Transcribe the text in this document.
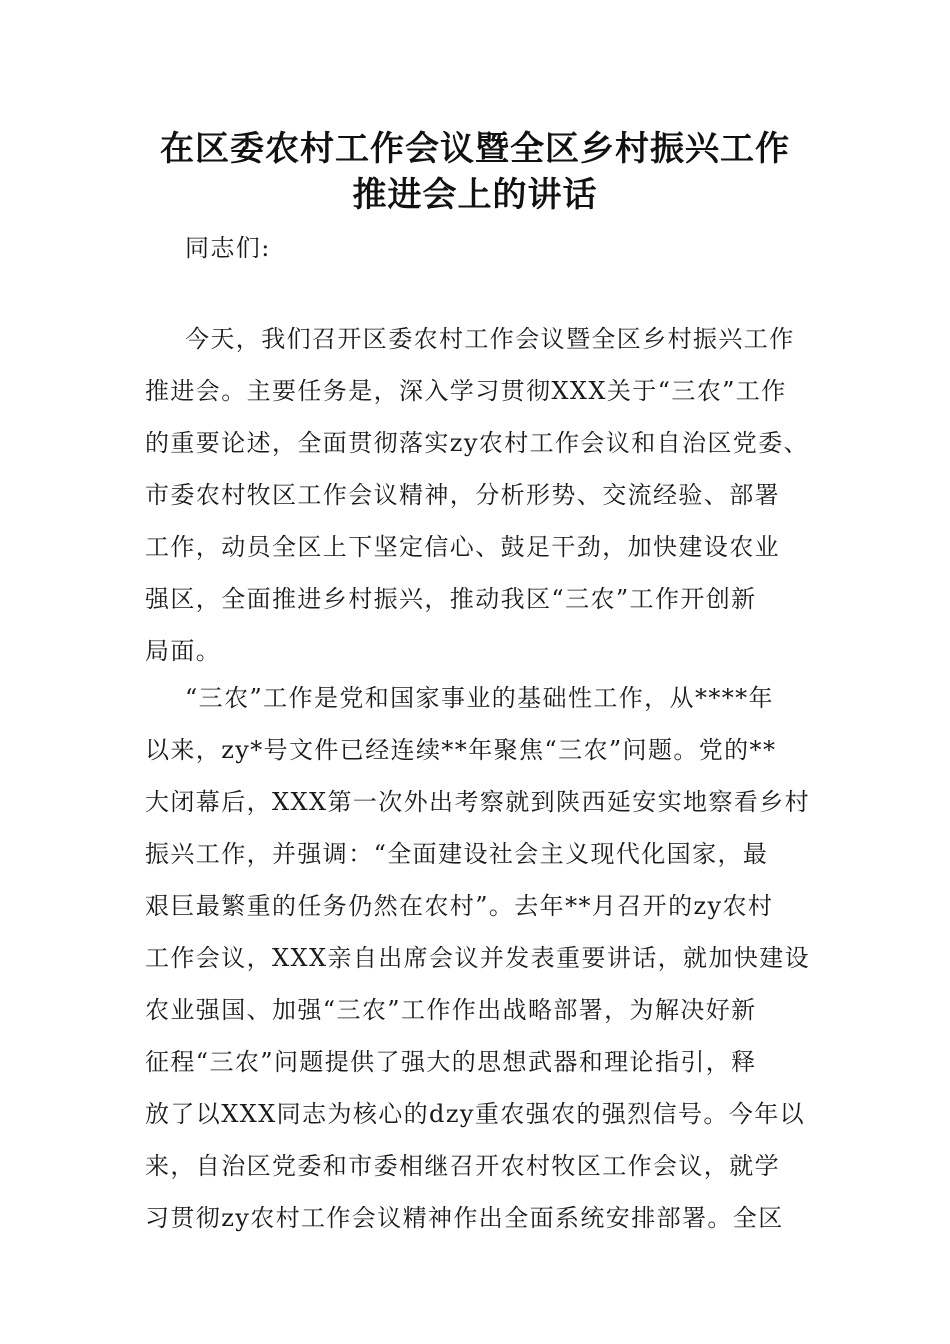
在区委农村工作会议暨全区乡村振兴工作
推进会上的讲话

同志们:

今天，我们召开区委农村工作会议暨全区乡村振兴工作
推进会。主要任务是，深入学习贯彻XXX关于“三农”工作
的重要论述，全面贯彻落实zy农村工作会议和自治区党委、
市委农村牧区工作会议精神，分析形势、交流经验、部署
工作，动员全区上下坚定信心、鼓足干劲，加快建设农业
强区，全面推进乡村振兴，推动我区“三农”工作开创新
局面。

“三农”工作是党和国家事业的基础性工作，从****年
以来，zy*号文件已经连续**年聚焦“三农”问题。党的**
大闭幕后，XXX第一次外出考察就到陕西延安实地察看乡村
振兴工作，并强调：“全面建设社会主义现代化国家，最
艰巨最繁重的任务仍然在农村”。去年**月召开的zy农村
工作会议，XXX亲自出席会议并发表重要讲话，就加快建设
农业强国、加强“三农”工作作出战略部署，为解决好新
征程“三农”问题提供了强大的思想武器和理论指引，释
放了以XXX同志为核心的dzy重农强农的强烈信号。今年以
来，自治区党委和市委相继召开农村牧区工作会议，就学
习贯彻zy农村工作会议精神作出全面系统安排部署。全区
